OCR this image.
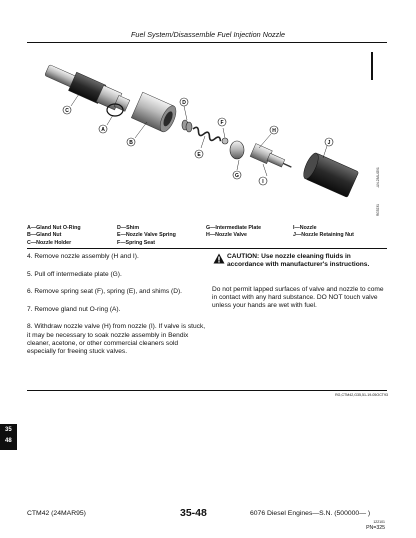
Fuel System/Disassemble Fuel Injection Nozzle
C
A
B
D
E
F
G
H
I
J
RG5231
-UN-23AUG91
A—Gland Nut O-Ring
B—Gland Nut
C—Nozzle Holder
D—Shim
E—Nozzle Valve Spring
F—Spring Seat
G—Intermediate Plate
H—Nozzle Valve
I—Nozzle
J—Nozzle Retaining Nut

4. Remove nozzle assembly (H and I).

5. Pull off intermediate plate (G).

6. Remove spring seat (F), spring (E), and shims (D).

7. Remove gland nut O-ring (A).

8. Withdraw nozzle valve (H) from nozzle (I). If valve is stuck, it may be necessary to soak nozzle assembly in Bendix cleaner, acetone, or other commercial cleaners sold especially for freeing stuck valves.

CAUTION: Use nozzle cleaning fluids in accordance with manufacturer's instructions.
Do not permit lapped surfaces of valve and nozzle to come in contact with any hard substance. DO NOT touch valve unless your hands are wet with fuel.
RG,CTM42,G35,51-19-05OCT93
35
48
CTM42 (24MAR95)	35-48	6076 Diesel Engines—S.N. (500000— )
122101
PN=325
